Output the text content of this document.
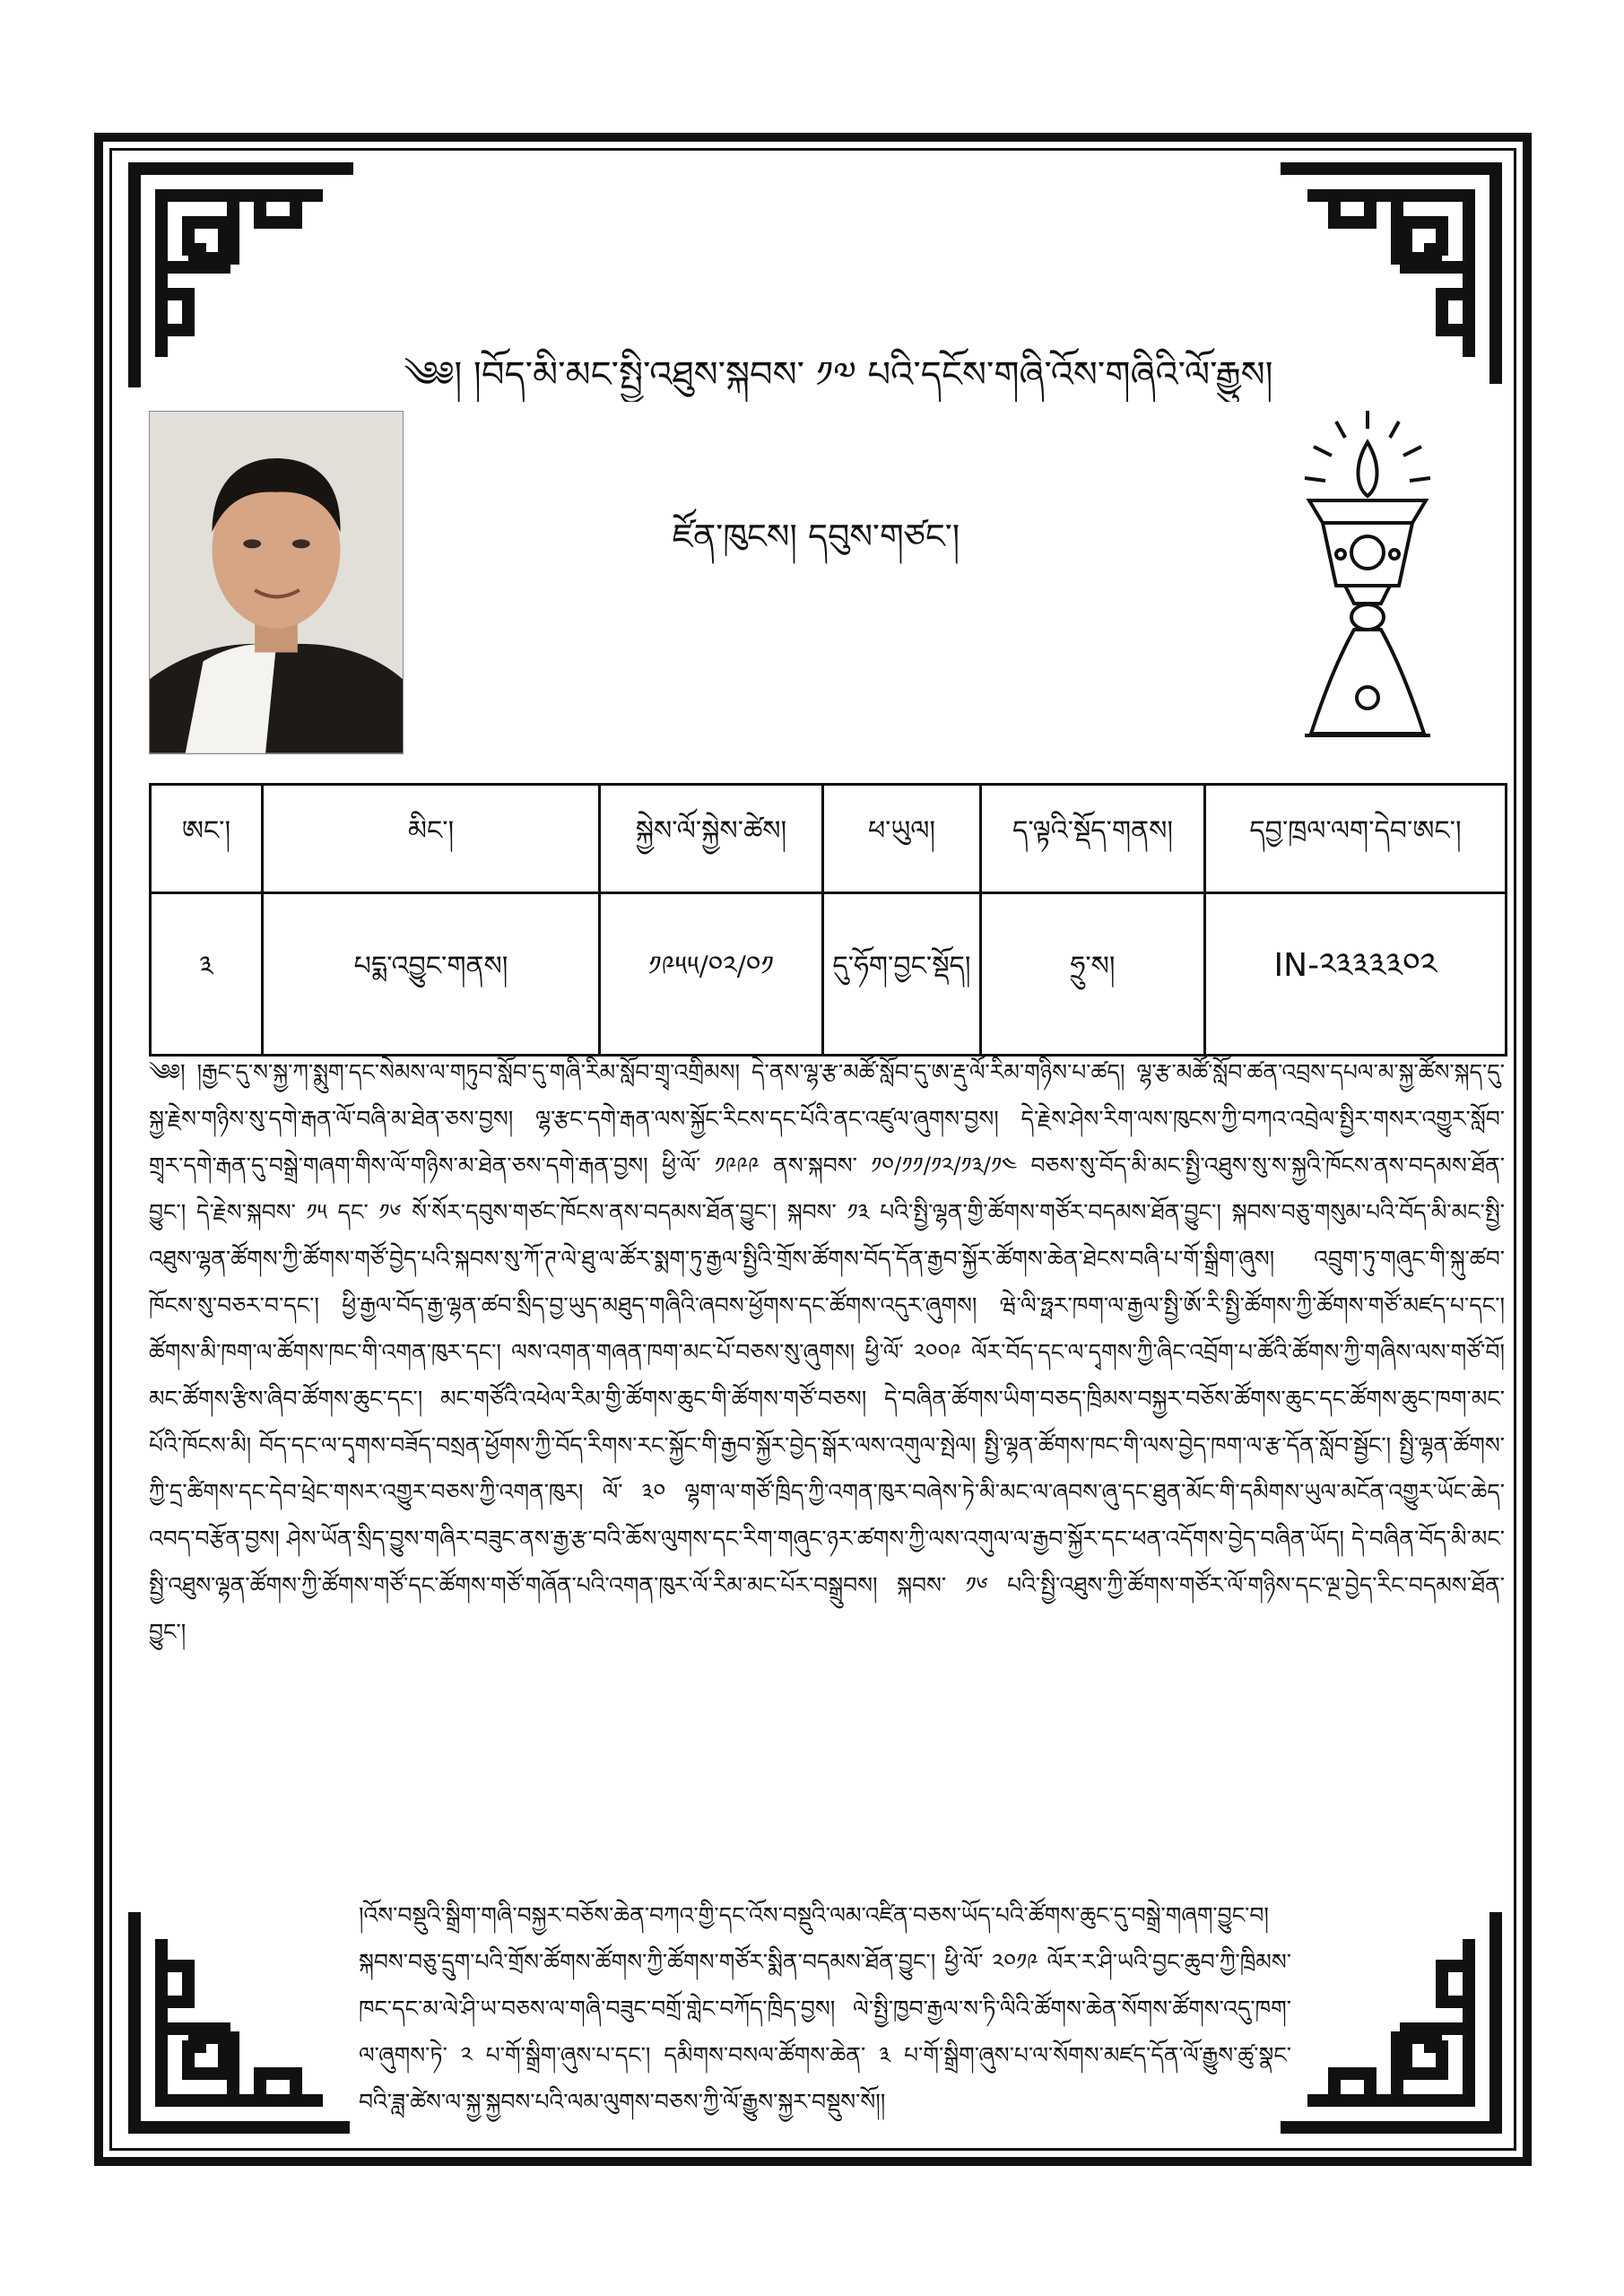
༄༅། །བོད་མི་མང་སྤྱི་འཐུས་སྐབས་ ༡༧ པའི་དངོས་གཞི་འོས་གཞིའི་ལོ་རྒྱུས།
ཛོན་ཁུངས། དབུས་གཙང་།
ཨང་།	མིང་།	སྐྱེས་ལོ་སྐྱེས་ཚེས།	ཕ་ཡུལ།	ད་ལྟའི་སྡོད་གནས།	དབྱ་ཁྲལ་ལག་དེབ་ཨང་།
༣	པདྨ་འབྱུང་གནས།	༡༩༥༥/༠༢/༠༡	དུ་ཧོག་བྱང་སྡོད།	ཧྲུ་ས།	IN-༢༣༣༣༣༠༢

༄༅། །རྒྱང་དུ་ས་སྐྱ་ཀ་སྨུག་དང་སེམས་ལ་གཏུབ་སློབ་དུ་གཞི་རིམ་སློབ་གྲྭ་འགྲིམས། དེ་ནས་ལྷ་རྩ་མཚོ་སློབ་དུ་ཨ་རྡུ་ལོ་རིམ་གཉིས་པ་ཚད། ལྷ་རྩ་མཚོ་སློབ་ཚན་འབྲས་དཔལ་མ་སྐྱ་ཚོས་སྐད་དུ་སྐྱ་རྗེས་གཉིས་སུ་དགེ་རྒན་ལོ་བཞི་མ་ཐེན་ཅས་བྱས། ལྷ་རྩང་དགེ་རྒན་ལས་སྐྱོང་རིངས་དང་པོའི་ནང་འཛུལ་ཞུགས་བྱས། དེ་རྗེས་ཤེས་རིག་ལས་ཁུངས་ཀྱི་བཀའ་འབྲེལ་སྤྱིར་གསར་འགྱུར་སློབ་གྲྭར་དགེ་རྒན་དུ་བསྒྲེ་གཞག་གིས་ལོ་གཉིས་མ་ཐེན་ཅས་དགེ་རྒན་བྱས། ཕྱི་ལོ་ ༡༩༩༩ ནས་སྐབས་ ༡༠/༡༡/༡༢/༡༣/༡༤ བཅས་སུ་བོད་མི་མང་སྤྱི་འཐུས་སུ་ས་སྐྱའི་ཁོངས་ནས་བདམས་ཐོན་བྱུང་། དེ་རྗེས་སྐབས་ ༡༥ དང་ ༡༦ སོ་སོར་དབུས་གཙང་ཁོངས་ནས་བདམས་ཐོན་བྱུང་། སྐབས་ ༡༣ པའི་སྤྱི་ལྷན་གྱི་ཚོགས་གཙོར་བདམས་ཐོན་བྱུང་། སྐབས་བཅུ་གསུམ་པའི་བོད་མི་མང་སྤྱི་འཐུས་ལྷན་ཚོགས་ཀྱི་ཚོགས་གཙོ་བྱེད་པའི་སྐབས་སུ་ཀོ་ཊ་ལེ་ཐུ་ལ་ཚོར་སྨག་ཏུ་རྒྱལ་སྤྱིའི་གྲོས་ཚོགས་བོད་དོན་རྒྱབ་སྐྱོར་ཚོགས་ཆེན་ཐེངས་བཞི་པ་གོ་སྒྲིག་ཞུས། འབྲུག་ཏུ་གཞུང་གི་སྐུ་ཚབ་ཁོངས་སུ་བཅར་བ་དང་། ཕྱི་རྒྱལ་བོད་རྒྱ་ལྷན་ཚབ་སྲིད་བྱ་ཡུད་མཐུད་གཞིའི་ཞབས་ཕྱོགས་དང་ཚོགས་འདུར་ཞུགས། ཝེ་ལི་ཧྥར་ཁག་ལ་རྒྱལ་སྤྱི་ཨོ་རི་སྤྱི་ཚོགས་ཀྱི་ཚོགས་གཙོ་མཛད་པ་དང་། ཚོགས་མི་ཁག་ལ་ཚོགས་ཁང་གི་འགན་ཁུར་དང་། ལས་འགན་གཞན་ཁག་མང་པོ་བཅས་སུ་ཞུགས། ཕྱི་ལོ་ ༢༠༠༩ ལོར་བོད་དང་ལ་དྭགས་ཀྱི་ཞིང་འབྲོག་པ་ཚོའི་ཚོགས་ཀྱི་གཞིས་ལས་གཙོ་བོ། མང་ཚོགས་རྩིས་ཞིབ་ཚོགས་ཆུང་དང་། མང་གཙོའི་འཕེལ་རིམ་གྱི་ཚོགས་ཆུང་གི་ཚོགས་གཙོ་བཅས། དེ་བཞིན་ཚོགས་ཡིག་བཅད་ཁྲིམས་བསྐྱར་བཅོས་ཚོགས་ཆུང་དང་ཚོགས་ཆུང་ཁག་མང་པོའི་ཁོངས་མི། བོད་དང་ལ་དྭགས་བཟོད་བསྲན་ཕྱོགས་ཀྱི་བོད་རིགས་རང་སྐྱོང་གི་རྒྱབ་སྐྱོར་བྱེད་སྒོར་ལས་འགུལ་སྤེལ། སྤྱི་ལྷན་ཚོགས་ཁང་གི་ལས་བྱེད་ཁག་ལ་རྩ་དོན་སློབ་སྦྱོང་། སྤྱི་ལྷན་ཚོགས་ཀྱི་དྲ་ཚིགས་དང་དེབ་ཕྲེང་གསར་འགྱུར་བཅས་ཀྱི་འགན་ཁུར། ལོ་ ༣༠ ལྷག་ལ་གཙོ་ཁྲིད་ཀྱི་འགན་ཁུར་བཞེས་ཏེ་མི་མང་ལ་ཞབས་ཞུ་དང་ཐུན་མོང་གི་དམིགས་ཡུལ་མངོན་འགྱུར་ཡོང་ཆེད་འབད་བརྩོན་བྱས། ཤེས་ཡོན་སྲིད་བྱུས་གཞིར་བཟུང་ནས་རྒྱ་རྩ་བའི་ཆོས་ལུགས་དང་རིག་གཞུང་ཉར་ཚགས་ཀྱི་ལས་འགུལ་ལ་རྒྱབ་སྐྱོར་དང་ཕན་འདོགས་བྱེད་བཞིན་ཡོད། དེ་བཞིན་བོད་མི་མང་སྤྱི་འཐུས་ལྷན་ཚོགས་ཀྱི་ཚོགས་གཙོ་དང་ཚོགས་གཙོ་གཞོན་པའི་འགན་ཁུར་ལོ་རིམ་མང་པོར་བསྒྲུབས། སྐབས་ ༡༦ པའི་སྤྱི་འཐུས་ཀྱི་ཚོགས་གཙོར་ལོ་གཉིས་དང་ལྔ་བྱེད་རིང་བདམས་ཐོན་བྱུང་།

།འོས་བསྡུའི་སྒྲིག་གཞི་བསྐྱར་བཅོས་ཆེན་བཀའ་གྱི་དང་འོས་བསྡུའི་ལམ་འཛིན་བཅས་ཡོད་པའི་ཚོགས་ཆུང་དུ་བསྒྲེ་གཞག་བྱུང་བ། སྐབས་བཅུ་དྲུག་པའི་གྲོས་ཚོགས་ཚོགས་ཀྱི་ཚོགས་གཙོར་སྨིན་བདམས་ཐོན་བྱུང་། ཕྱི་ལོ་ ༢༠༡༩ ལོར་ར་ཤི་ཡའི་བྱང་ཆུབ་ཀྱི་ཁྲིམས་ཁང་དང་མ་ལེ་ཤི་ཡ་བཅས་ལ་གཞི་བཟུང་བགྲོ་གླེང་བཀོད་ཁྲིད་བྱས། ལེ་སྤྱི་ཁྱབ་རྒྱལ་ས་ཏི་ལིའི་ཚོགས་ཆེན་སོགས་ཚོགས་འདུ་ཁག་ལ་ཞུགས་ཏེ་ ༢ པ་གོ་སྒྲིག་ཞུས་པ་དང་། དམིགས་བསལ་ཚོགས་ཆེན་ ༣ པ་གོ་སྒྲིག་ཞུས་པ་ལ་སོགས་མཛད་དོན་ལོ་རྒྱུས་ཚུ་སྣང་བའི་ཟླ་ཚེས་ལ་སྐྱ་སྐྱབས་པའི་ལམ་ལུགས་བཅས་ཀྱི་ལོ་རྒྱུས་སྐྱར་བསྡུས་སོ།།
